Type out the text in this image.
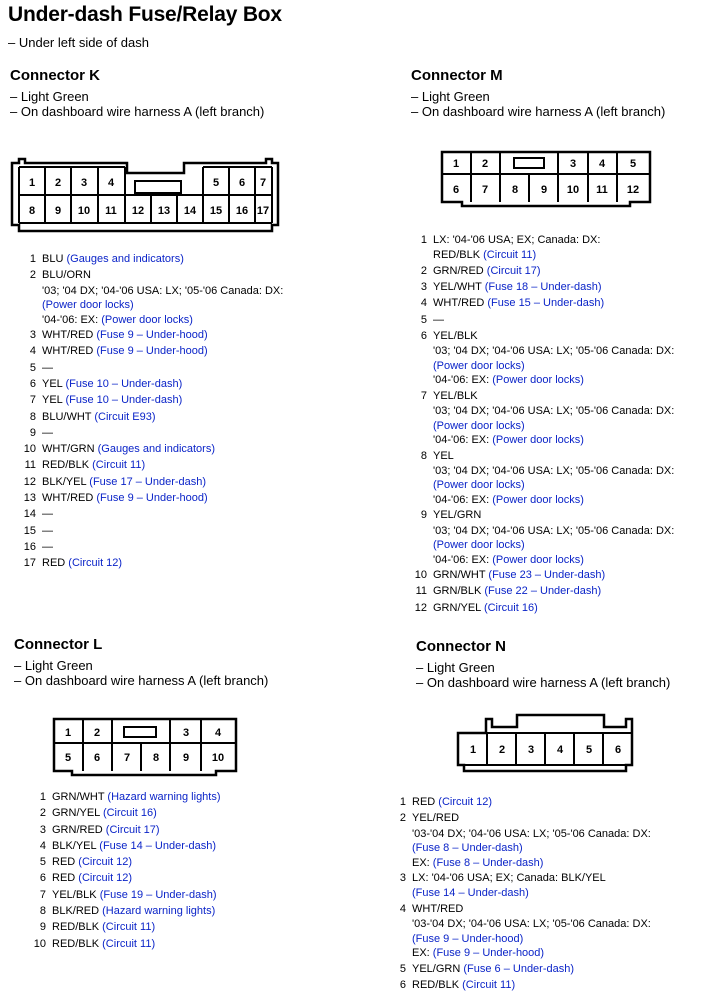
Under-dash Fuse/Relay Box
– Under left side of dash
Connector K
– Light Green
– On dashboard wire harness A (left branch)
1 2 3 4	5 6 7
8 9 10 11 12 13 14 15 16 17
1 BLU (Gauges and indicators)
2 BLU/ORN
'03; '04 DX; '04-'06 USA: LX; '05-'06 Canada: DX:
(Power door locks)
'04-'06: EX: (Power door locks)
3 WHT/RED (Fuse 9 – Under-hood)
4 WHT/RED (Fuse 9 – Under-hood)
5 —
6 YEL (Fuse 10 – Under-dash)
7 YEL (Fuse 10 – Under-dash)
8 BLU/WHT (Circuit E93)
9 —
10 WHT/GRN (Gauges and indicators)
11 RED/BLK (Circuit 11)
12 BLK/YEL (Fuse 17 – Under-dash)
13 WHT/RED (Fuse 9 – Under-hood)
14 —
15 —
16 —
17 RED (Circuit 12)
Connector M
– Light Green
– On dashboard wire harness A (left branch)
1 2	3 4 5
6 7 8 9 10 11 12
1 LX: '04-'06 USA; EX; Canada: DX:
RED/BLK (Circuit 11)
2 GRN/RED (Circuit 17)
3 YEL/WHT (Fuse 18 – Under-dash)
4 WHT/RED (Fuse 15 – Under-dash)
5 —
6 YEL/BLK
'03; '04 DX; '04-'06 USA: LX; '05-'06 Canada: DX:
(Power door locks)
'04-'06: EX: (Power door locks)
7 YEL/BLK
'03; '04 DX; '04-'06 USA: LX; '05-'06 Canada: DX:
(Power door locks)
'04-'06: EX: (Power door locks)
8 YEL
'03; '04 DX; '04-'06 USA: LX; '05-'06 Canada: DX:
(Power door locks)
'04-'06: EX: (Power door locks)
9 YEL/GRN
'03; '04 DX; '04-'06 USA: LX; '05-'06 Canada: DX:
(Power door locks)
'04-'06: EX: (Power door locks)
10 GRN/WHT (Fuse 23 – Under-dash)
11 GRN/BLK (Fuse 22 – Under-dash)
12 GRN/YEL (Circuit 16)
Connector L
– Light Green
– On dashboard wire harness A (left branch)
1 2	3 4
5 6 7 8 9 10
1 GRN/WHT (Hazard warning lights)
2 GRN/YEL (Circuit 16)
3 GRN/RED (Circuit 17)
4 BLK/YEL (Fuse 14 – Under-dash)
5 RED (Circuit 12)
6 RED (Circuit 12)
7 YEL/BLK (Fuse 19 – Under-dash)
8 BLK/RED (Hazard warning lights)
9 RED/BLK (Circuit 11)
10 RED/BLK (Circuit 11)
Connector N
– Light Green
– On dashboard wire harness A (left branch)
1 2 3 4 5 6
1 RED (Circuit 12)
2 YEL/RED
'03-'04 DX; '04-'06 USA: LX; '05-'06 Canada: DX:
(Fuse 8 – Under-dash)
EX: (Fuse 8 – Under-dash)
3 LX: '04-'06 USA; EX; Canada: BLK/YEL
(Fuse 14 – Under-dash)
4 WHT/RED
'03-'04 DX; '04-'06 USA: LX; '05-'06 Canada: DX:
(Fuse 9 – Under-hood)
EX: (Fuse 9 – Under-hood)
5 YEL/GRN (Fuse 6 – Under-dash)
6 RED/BLK (Circuit 11)
